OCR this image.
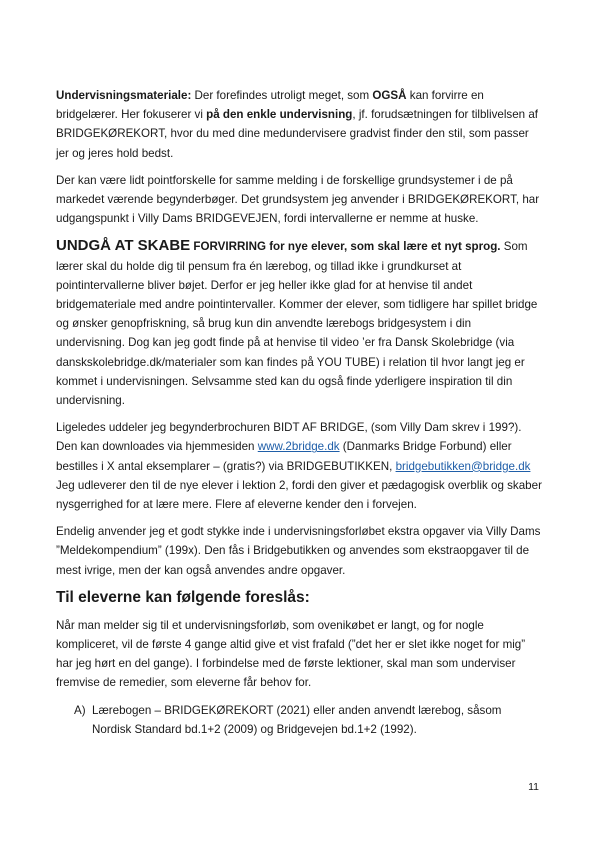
Undervisningsmateriale: Der forefindes utroligt meget, som OGSÅ kan forvirre en bridgelærer. Her fokuserer vi på den enkle undervisning, jf. forudsætningen for tilblivelsen af BRIDGEKØREKORT, hvor du med dine medundervisere gradvist finder den stil, som passer jer og jeres hold bedst.

Der kan være lidt pointforskelle for samme melding i de forskellige grundsystemer i de på markedet værende begynderbøger. Det grundsystem jeg anvender i BRIDGEKØREKORT, har udgangspunkt i Villy Dams BRIDGEVEJEN, fordi intervallerne er nemme at huske.

UNDGÅ AT SKABE FORVIRRING for nye elever, som skal lære et nyt sprog. Som lærer skal du holde dig til pensum fra én lærebog, og tillad ikke i grundkurset at pointintervallerne bliver bøjet. Derfor er jeg heller ikke glad for at henvise til andet bridgemateriale med andre pointintervaller. Kommer der elever, som tidligere har spillet bridge og ønsker genopfriskning, så brug kun din anvendte lærebogs bridgesystem i din undervisning. Dog kan jeg godt finde på at henvise til video ’er fra Dansk Skolebridge (via danskskolebridge.dk/materialer som kan findes på YOU TUBE) i relation til hvor langt jeg er kommet i undervisningen. Selvsamme sted kan du også finde yderligere inspiration til din undervisning.

Ligeledes uddeler jeg begynderbrochuren BIDT AF BRIDGE, (som Villy Dam skrev i 199?). Den kan downloades via hjemmesiden www.2bridge.dk (Danmarks Bridge Forbund) eller bestilles i X antal eksemplarer – (gratis?) via BRIDGEBUTIKKEN, bridgebutikken@bridge.dk Jeg udleverer den til de nye elever i lektion 2, fordi den giver et pædagogisk overblik og skaber nysgerrighed for at lære mere. Flere af eleverne kender den i forvejen.

Endelig anvender jeg et godt stykke inde i undervisningsforløbet ekstra opgaver via Villy Dams ”Meldekompendium” (199x). Den fås i Bridgebutikken og anvendes som ekstraopgaver til de mest ivrige, men der kan også anvendes andre opgaver.

Til eleverne kan følgende foreslås:

Når man melder sig til et undervisningsforløb, som ovenikøbet er langt, og for nogle kompliceret, vil de første 4 gange altid give et vist frafald (”det her er slet ikke noget for mig” har jeg hørt en del gange). I forbindelse med de første lektioner, skal man som underviser fremvise de remedier, som eleverne får behov for.

A) Lærebogen – BRIDGEKØREKORT (2021) eller anden anvendt lærebog, såsom Nordisk Standard bd.1+2 (2009) og Bridgevejen bd.1+2 (1992).
11
